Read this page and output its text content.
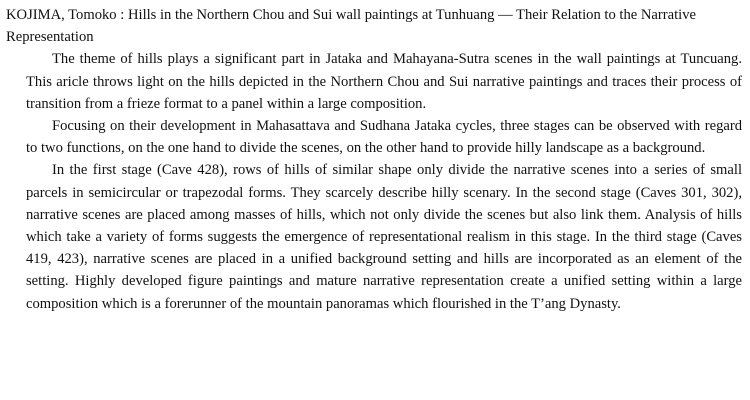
KOJIMA, Tomoko : Hills in the Northern Chou and Sui wall paintings at Tunhuang — Their Relation to the Narrative Representation

The theme of hills plays a significant part in Jataka and Mahayana-Sutra scenes in the wall paintings at Tuncuang. This aricle throws light on the hills depicted in the Northern Chou and Sui narrative paintings and traces their process of transition from a frieze format to a panel within a large composition.

Focusing on their development in Mahasattava and Sudhana Jataka cycles, three stages can be observed with regard to two functions, on the one hand to divide the scenes, on the other hand to provide hilly landscape as a background.

In the first stage (Cave 428), rows of hills of similar shape only divide the narrative scenes into a series of small parcels in semicircular or trapezodal forms. They scarcely describe hilly scenary. In the second stage (Caves 301, 302), narrative scenes are placed among masses of hills, which not only divide the scenes but also link them. Analysis of hills which take a variety of forms suggests the emergence of representational realism in this stage. In the third stage (Caves 419, 423), narrative scenes are placed in a unified background setting and hills are incorporated as an element of the setting. Highly developed figure paintings and mature narrative representation create a unified setting within a large composition which is a forerunner of the mountain panoramas which flourished in the T’ang Dynasty.
